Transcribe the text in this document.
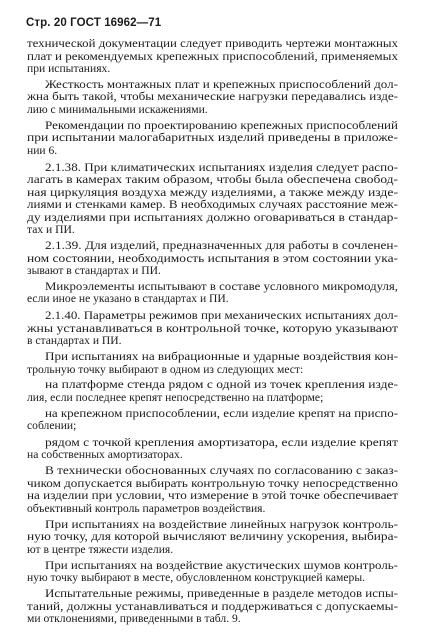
Стр. 20 ГОСТ 16962—71
технической документации следует приводить чертежи монтажных
плат и рекомендуемых крепежных приспособлений, применяемых
при испытаниях.
Жесткость монтажных плат и крепежных приспособлений дол-
жна быть такой, чтобы механические нагрузки передавались изде-
лию с минимальными искажениями.
Рекомендации по проектированию крепежных приспособлений
при испытании малогабаритных изделий приведены в приложе-
нии 6.
2.1.38. При климатических испытаниях изделия следует распо-
лагать в камерах таким образом, чтобы была обеспечена свобод-
ная циркуляция воздуха между изделиями, а также между изде-
лиями и стенками камер. В необходимых случаях расстояние меж-
ду изделиями при испытаниях должно оговариваться в стандар-
тах и ПИ.
2.1.39. Для изделий, предназначенных для работы в сочленен-
ном состоянии, необходимость испытания в этом состоянии ука-
зывают в стандартах и ПИ.
Микроэлементы испытывают в составе условного микромодуля,
если иное не указано в стандартах и ПИ.
2.1.40. Параметры режимов при механических испытаниях дол-
жны устанавливаться в контрольной точке, которую указывают
в стандартах и ПИ.
При испытаниях на вибрационные и ударные воздействия кон-
трольную точку выбирают в одном из следующих мест:
на платформе стенда рядом с одной из точек крепления изде-
лия, если последнее крепят непосредственно на платформе;
на крепежном приспособлении, если изделие крепят на приспо-
соблении;
рядом с точкой крепления амортизатора, если изделие крепят
на собственных амортизаторах.
В технически обоснованных случаях по согласованию с заказ-
чиком допускается выбирать контрольную точку непосредственно
на изделии при условии, что измерение в этой точке обеспечивает
объективный контроль параметров воздействия.
При испытаниях на воздействие линейных нагрузок контроль-
ную точку, для которой вычисляют величину ускорения, выбира-
ют в центре тяжести изделия.
При испытаниях на воздействие акустических шумов контроль-
ную точку выбирают в месте, обусловленном конструкцией камеры.
Испытательные режимы, приведенные в разделе методов испы-
таний, должны устанавливаться и поддерживаться с допускаемы-
ми отклонениями, приведенными в табл. 9.
